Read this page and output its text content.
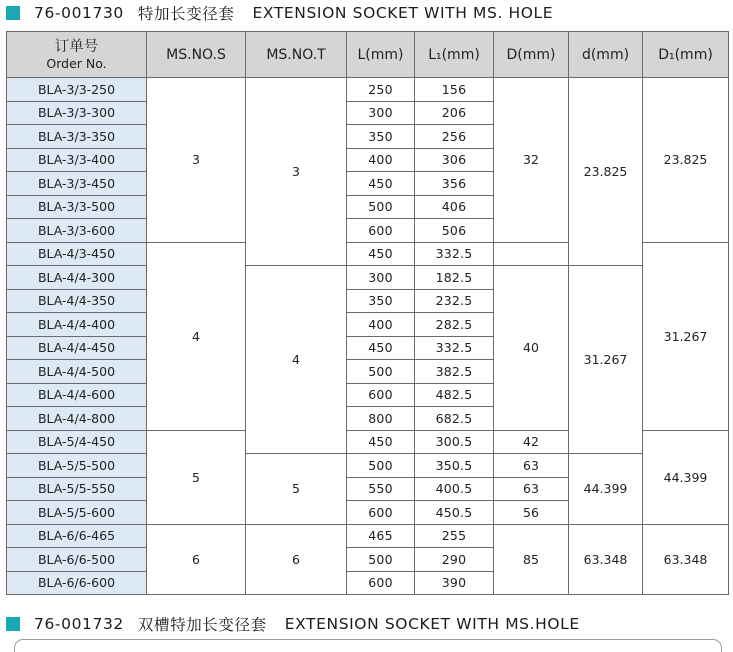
76-001730 特加长变径套 EXTENSION SOCKET WITH MS. HOLE
订单号
Order No.	MS.NO.S	MS.NO.T	L(mm)	L₁(mm)	D(mm)	d(mm)	D₁(mm)
BLA-3/3-250	3	3	250	156	32	23.825	23.825
BLA-3/3-300			300	206			
BLA-3/3-350			350	256			
BLA-3/3-400			400	306			
BLA-3/3-450			450	356			
BLA-3/3-500			500	406			
BLA-3/3-600			600	506			
BLA-4/3-450	4		450	332.5			31.267
BLA-4/4-300		4	300	182.5	40	31.267	
BLA-4/4-350			350	232.5			
BLA-4/4-400			400	282.5			
BLA-4/4-450			450	332.5			
BLA-4/4-500			500	382.5			
BLA-4/4-600			600	482.5			
BLA-4/4-800			800	682.5			
BLA-5/4-450	5		450	300.5	42		44.399
BLA-5/5-500		5	500	350.5	63	44.399	
BLA-5/5-550			550	400.5	63		
BLA-5/5-600			600	450.5	56		
BLA-6/6-465	6	6	465	255	85	63.348	63.348
BLA-6/6-500			500	290			
BLA-6/6-600			600	390			
76-001732 双槽特加长变径套 EXTENSION SOCKET WITH MS.HOLE
